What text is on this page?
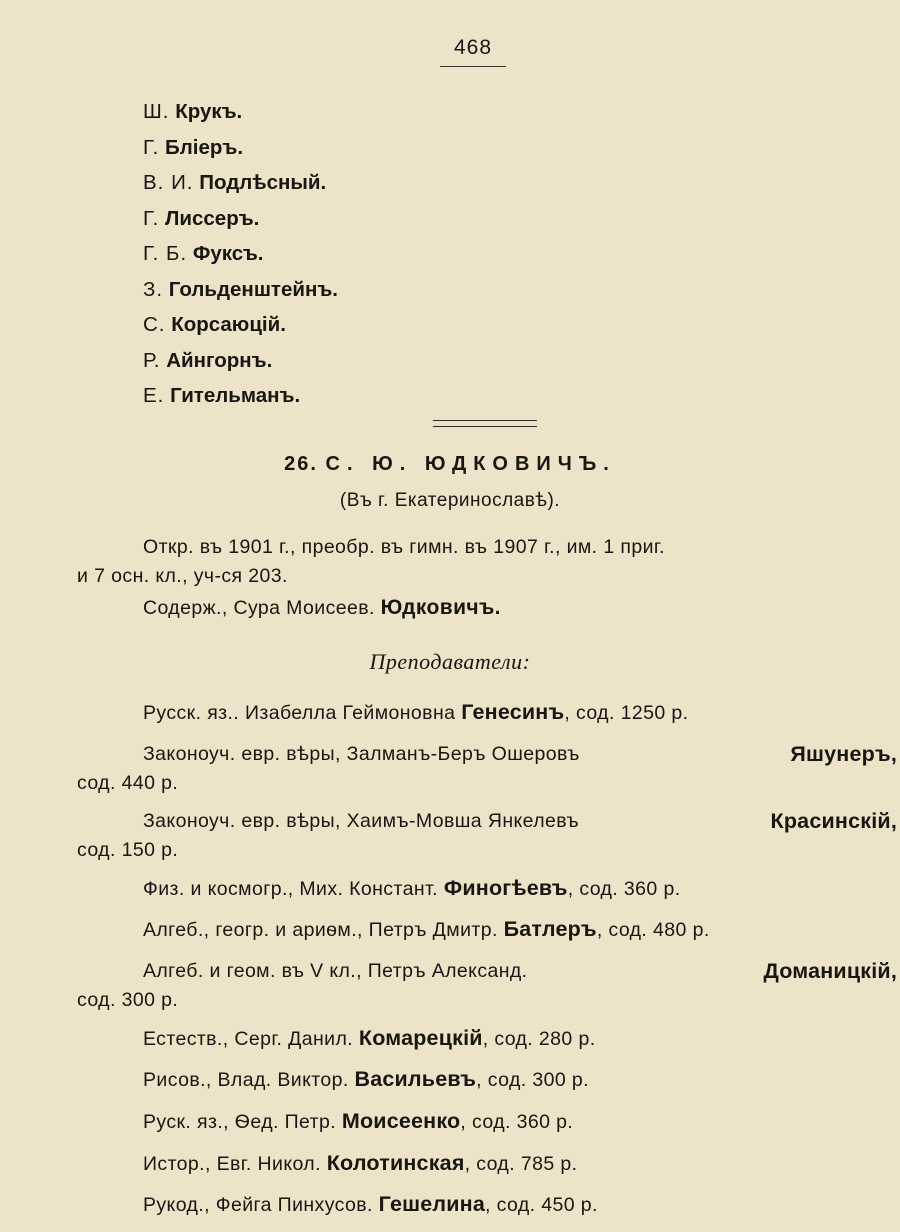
468
Ш. Крукъ.
Г. Бліеръ.
В. И. Подлѣсный.
Г. Лиссеръ.
Г. Б. Фуксъ.
З. Гольденштейнъ.
С. Корсаюцій.
Р. Айнгорнъ.
Е. Гительманъ.
26. С. Ю. ЮДКОВИЧЪ.
(Въ г. Екатеринославѣ).
Откр. въ 1901 г., преобр. въ гимн. въ 1907 г., им. 1 приг.
и 7 осн. кл., уч-ся 203.
Содерж., Сура Моисеев. Юдковичъ.
Преподаватели:
Русск. яз.. Изабелла Геймоновна Генесинъ, сод. 1250 р.
Законоуч. евр. вѣры, Залманъ-Беръ Ошеровъ	Яшунеръ,
сод. 440 р.
Законоуч. евр. вѣры, Хаимъ-Мовша Янкелевъ	Красинскій,
сод. 150 р.
Физ. и космогр., Мих. Констант. Финогѣевъ, сод. 360 р.
Алгеб., геогр. и ариѳм., Петръ Дмитр. Батлеръ, сод. 480 р.
Алгеб. и геом. въ V кл., Петръ Александ.	Доманицкій,
сод. 300 р.
Естеств., Серг. Данил. Комарецкій, сод. 280 р.
Рисов., Влад. Виктор. Васильевъ, сод. 300 р.
Руск. яз., Ѳед. Петр. Моисеенко, сод. 360 р.
Истор., Евг. Никол. Колотинская, сод. 785 р.
Рукод., Фейга Пинхусов. Гешелина, сод. 450 р.
